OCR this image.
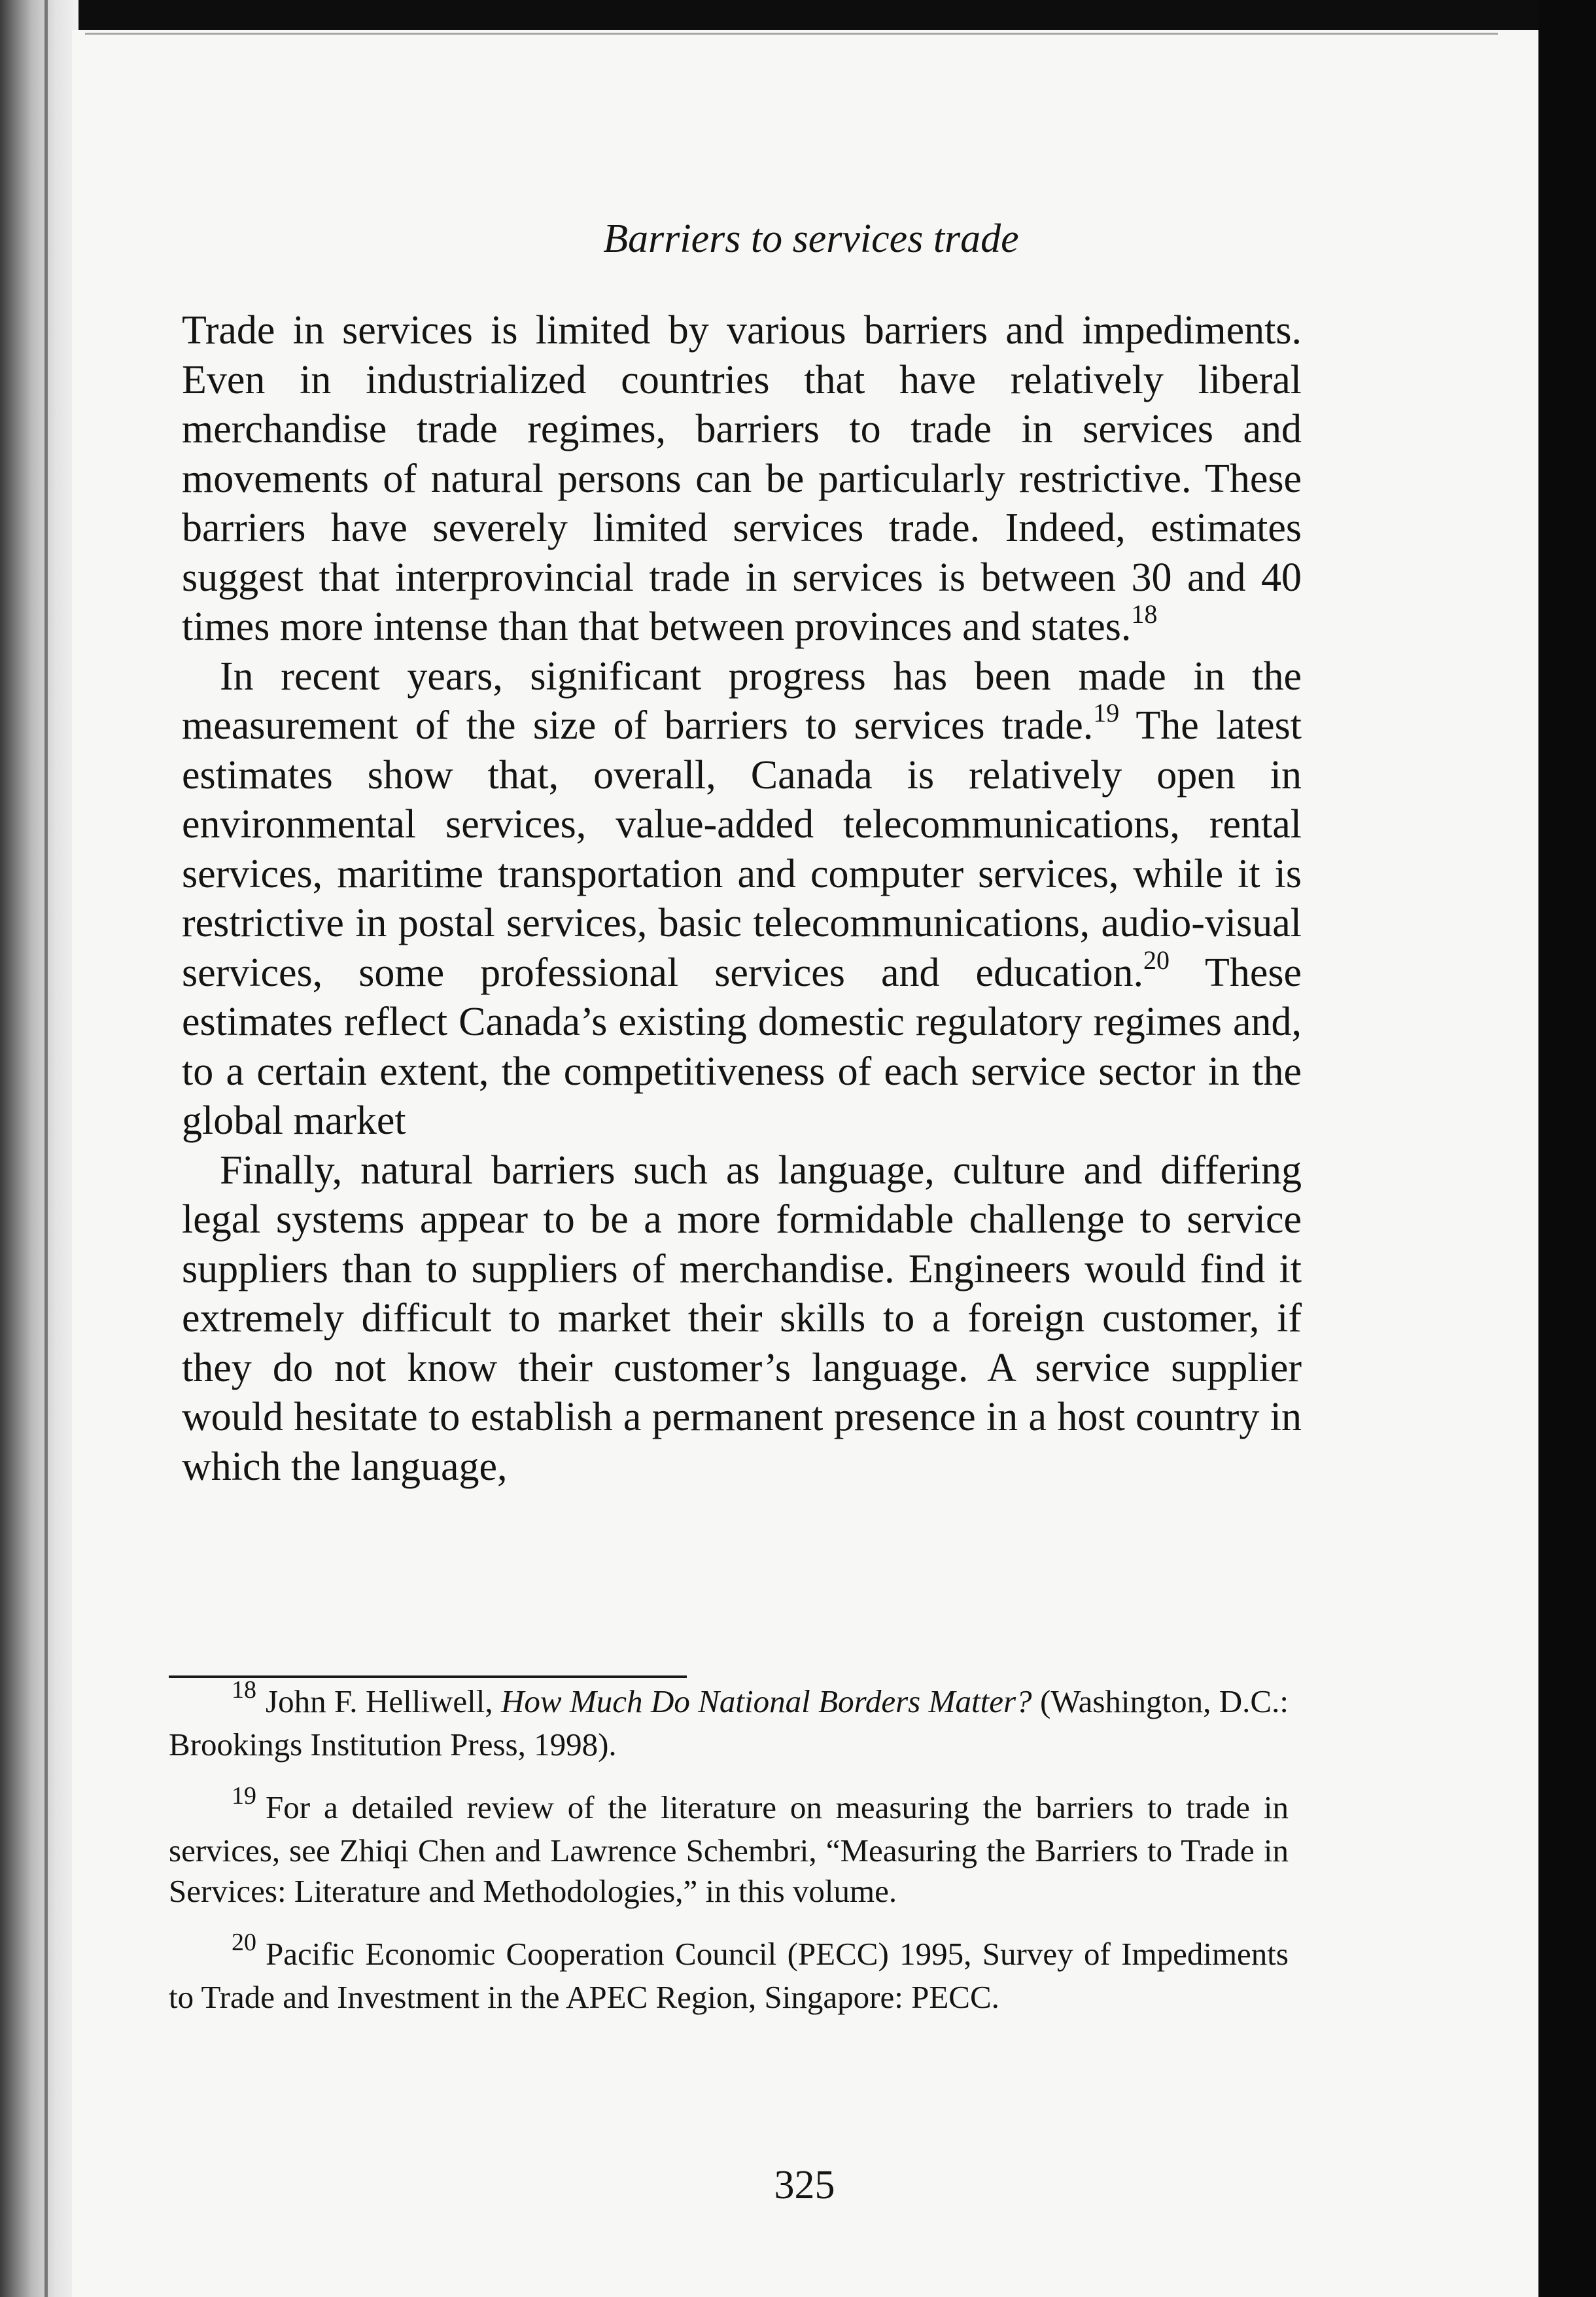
Barriers to services trade

Trade in services is limited by various barriers and impediments. Even in industrialized countries that have relatively liberal merchandise trade regimes, barriers to trade in services and movements of natural persons can be particularly restrictive. These barriers have severely limited services trade. Indeed, estimates suggest that interprovincial trade in services is between 30 and 40 times more intense than that between provinces and states.$^{18}$

In recent years, significant progress has been made in the measurement of the size of barriers to services trade.$^{19}$ The latest estimates show that, overall, Canada is relatively open in environmental services, value-added telecommunications, rental services, maritime transportation and computer services, while it is restrictive in postal services, basic telecommunications, audio-visual services, some professional services and education.$^{20}$ These estimates reflect Canada’s existing domestic regulatory regimes and, to a certain extent, the competitiveness of each service sector in the global market

Finally, natural barriers such as language, culture and differing legal systems appear to be a more formidable challenge to service suppliers than to suppliers of merchandise. Engineers would find it extremely difficult to market their skills to a foreign customer, if they do not know their customer’s language. A service supplier would hesitate to establish a permanent presence in a host country in which the language,

$^{18}$ John F. Helliwell, How Much Do National Borders Matter? (Washington, D.C.: Brookings Institution Press, 1998).

$^{19}$ For a detailed review of the literature on measuring the barriers to trade in services, see Zhiqi Chen and Lawrence Schembri, “Measuring the Barriers to Trade in Services: Literature and Methodologies,” in this volume.

$^{20}$ Pacific Economic Cooperation Council (PECC) 1995, Survey of Impediments to Trade and Investment in the APEC Region, Singapore: PECC.

325
